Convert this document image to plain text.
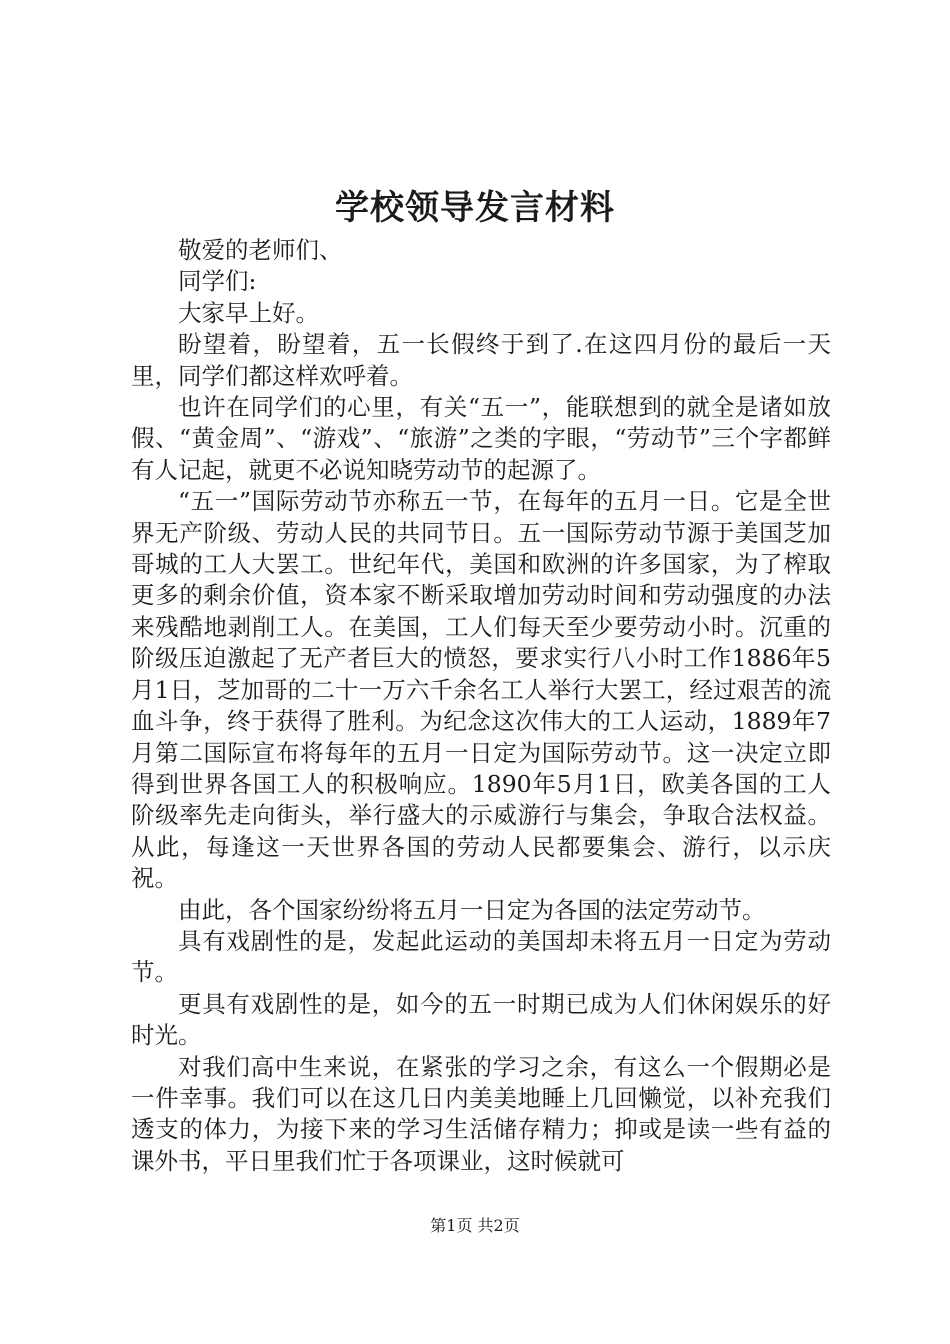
学校领导发言材料

敬爱的老师们、

同学们:

大家早上好。

盼望着，盼望着，五一长假终于到了.在这四月份的最后一天里，同学们都这样欢呼着。

也许在同学们的心里，有关“五一”，能联想到的就全是诸如放假、“黄金周”、“游戏”、“旅游”之类的字眼，“劳动节”三个字都鲜有人记起，就更不必说知晓劳动节的起源了。

“五一”国际劳动节亦称五一节，在每年的五月一日。它是全世界无产阶级、劳动人民的共同节日。五一国际劳动节源于美国芝加哥城的工人大罢工。世纪年代，美国和欧洲的许多国家，为了榨取更多的剩余价值，资本家不断采取增加劳动时间和劳动强度的办法来残酷地剥削工人。在美国，工人们每天至少要劳动小时。沉重的阶级压迫激起了无产者巨大的愤怒，要求实行八小时工作1886年5月1日，芝加哥的二十一万六千余名工人举行大罢工，经过艰苦的流血斗争，终于获得了胜利。为纪念这次伟大的工人运动，1889年7月第二国际宣布将每年的五月一日定为国际劳动节。这一决定立即得到世界各国工人的积极响应。1890年5月1日，欧美各国的工人阶级率先走向街头，举行盛大的示威游行与集会，争取合法权益。从此，每逢这一天世界各国的劳动人民都要集会、游行，以示庆祝。

由此，各个国家纷纷将五月一日定为各国的法定劳动节。

具有戏剧性的是，发起此运动的美国却未将五月一日定为劳动节。

更具有戏剧性的是，如今的五一时期已成为人们休闲娱乐的好时光。

对我们高中生来说，在紧张的学习之余，有这么一个假期必是一件幸事。我们可以在这几日内美美地睡上几回懒觉，以补充我们透支的体力，为接下来的学习生活储存精力；抑或是读一些有益的课外书，平日里我们忙于各项课业，这时候就可

第1页 共2页
